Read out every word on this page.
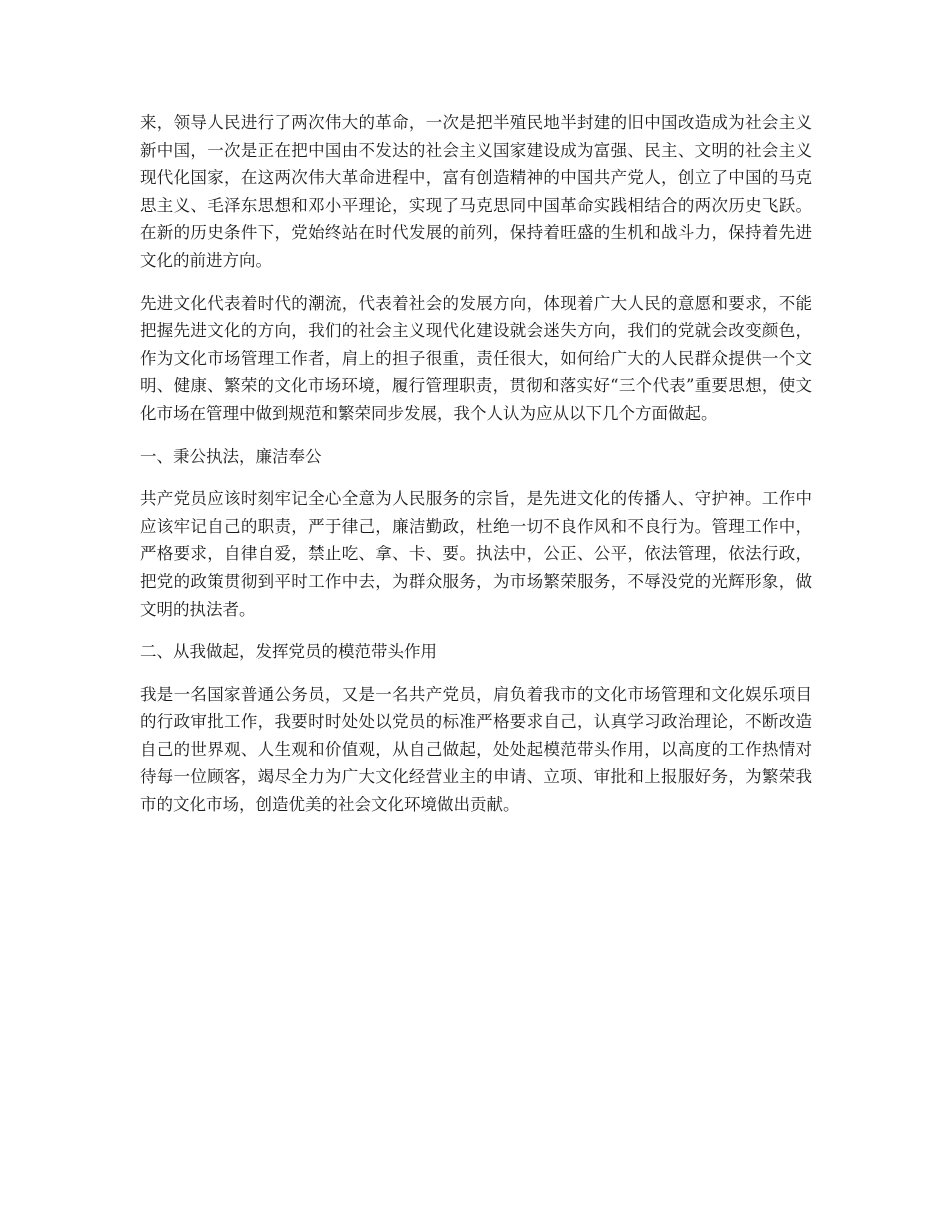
来，领导人民进行了两次伟大的革命，一次是把半殖民地半封建的旧中国改造成为社会主义新中国，一次是正在把中国由不发达的社会主义国家建设成为富强、民主、文明的社会主义现代化国家，在这两次伟大革命进程中，富有创造精神的中国共产党人，创立了中国的马克思主义、毛泽东思想和邓小平理论，实现了马克思同中国革命实践相结合的两次历史飞跃。在新的历史条件下，党始终站在时代发展的前列，保持着旺盛的生机和战斗力，保持着先进文化的前进方向。

先进文化代表着时代的潮流，代表着社会的发展方向，体现着广大人民的意愿和要求，不能把握先进文化的方向，我们的社会主义现代化建设就会迷失方向，我们的党就会改变颜色，作为文化市场管理工作者，肩上的担子很重，责任很大，如何给广大的人民群众提供一个文明、健康、繁荣的文化市场环境，履行管理职责，贯彻和落实好“三个代表”重要思想，使文化市场在管理中做到规范和繁荣同步发展，我个人认为应从以下几个方面做起。

一、秉公执法，廉洁奉公

共产党员应该时刻牢记全心全意为人民服务的宗旨，是先进文化的传播人、守护神。工作中应该牢记自己的职责，严于律己，廉洁勤政，杜绝一切不良作风和不良行为。管理工作中，严格要求，自律自爱，禁止吃、拿、卡、要。执法中，公正、公平，依法管理，依法行政，把党的政策贯彻到平时工作中去，为群众服务，为市场繁荣服务，不辱没党的光辉形象，做文明的执法者。

二、从我做起，发挥党员的模范带头作用

我是一名国家普通公务员，又是一名共产党员，肩负着我市的文化市场管理和文化娱乐项目的行政审批工作，我要时时处处以党员的标准严格要求自己，认真学习政治理论，不断改造自己的世界观、人生观和价值观，从自己做起，处处起模范带头作用，以高度的工作热情对待每一位顾客，竭尽全力为广大文化经营业主的申请、立项、审批和上报服好务，为繁荣我市的文化市场，创造优美的社会文化环境做出贡献。
